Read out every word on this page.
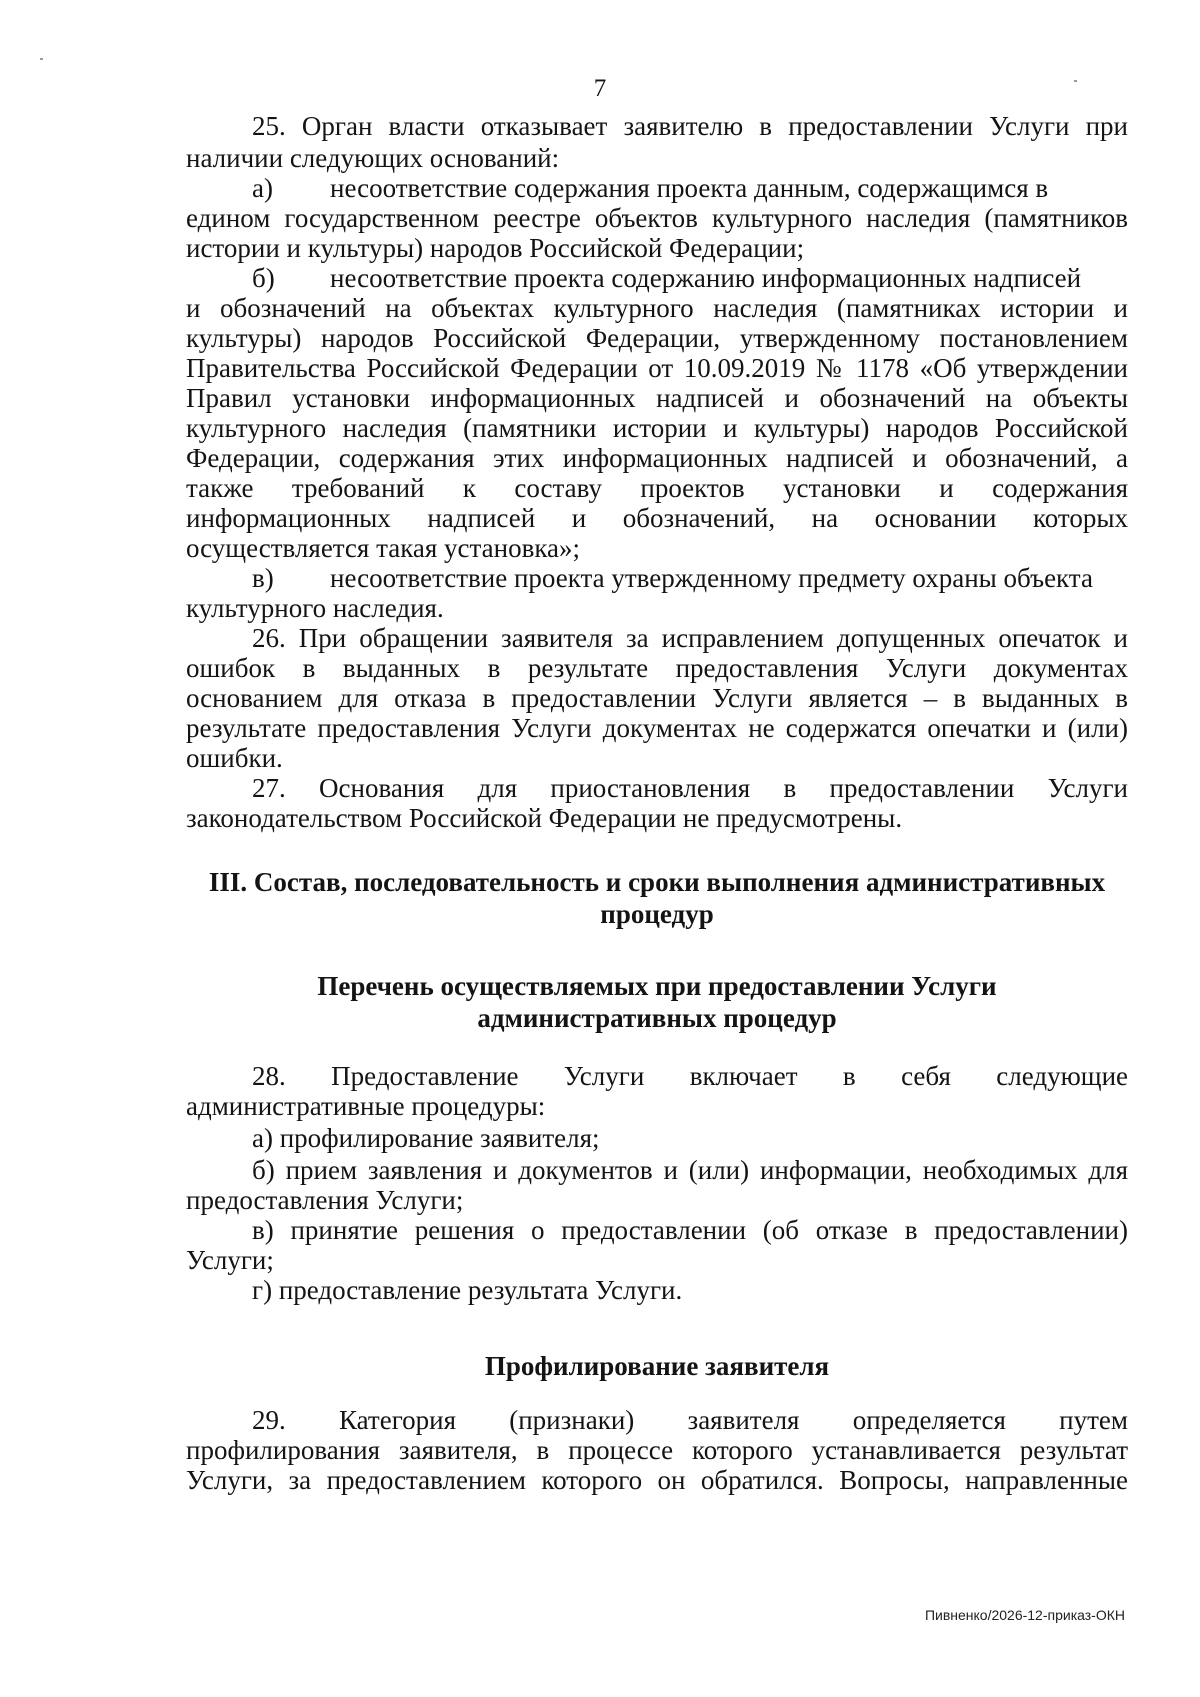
7
25. Орган власти отказывает заявителю в предоставлении Услуги при
наличии следующих оснований:
а) несоответствие содержания проекта данным, содержащимся в
едином государственном реестре объектов культурного наследия (памятников
истории и культуры) народов Российской Федерации;
б) несоответствие проекта содержанию информационных надписей
и обозначений на объектах культурного наследия (памятниках истории и
культуры) народов Российской Федерации, утвержденному постановлением
Правительства Российской Федерации от 10.09.2019 № 1178 «Об утверждении
Правил установки информационных надписей и обозначений на объекты
культурного наследия (памятники истории и культуры) народов Российской
Федерации, содержания этих информационных надписей и обозначений, а
также требований к составу проектов установки и содержания
информационных надписей и обозначений, на основании которых
осуществляется такая установка»;
в) несоответствие проекта утвержденному предмету охраны объекта
культурного наследия.
26. При обращении заявителя за исправлением допущенных опечаток и
ошибок в выданных в результате предоставления Услуги документах
основанием для отказа в предоставлении Услуги является – в выданных в
результате предоставления Услуги документах не содержатся опечатки и (или)
ошибки.
27. Основания для приостановления в предоставлении Услуги
законодательством Российской Федерации не предусмотрены.
III. Состав, последовательность и сроки выполнения административных
процедур
Перечень осуществляемых при предоставлении Услуги
административных процедур
28. Предоставление Услуги включает в себя следующие
административные процедуры:
а) профилирование заявителя;
б) прием заявления и документов и (или) информации, необходимых для
предоставления Услуги;
в) принятие решения о предоставлении (об отказе в предоставлении)
Услуги;
г) предоставление результата Услуги.
Профилирование заявителя
29. Категория (признаки) заявителя определяется путем
профилирования заявителя, в процессе которого устанавливается результат
Услуги, за предоставлением которого он обратился. Вопросы, направленные
Пивненко/2026-12-приказ-ОКН
